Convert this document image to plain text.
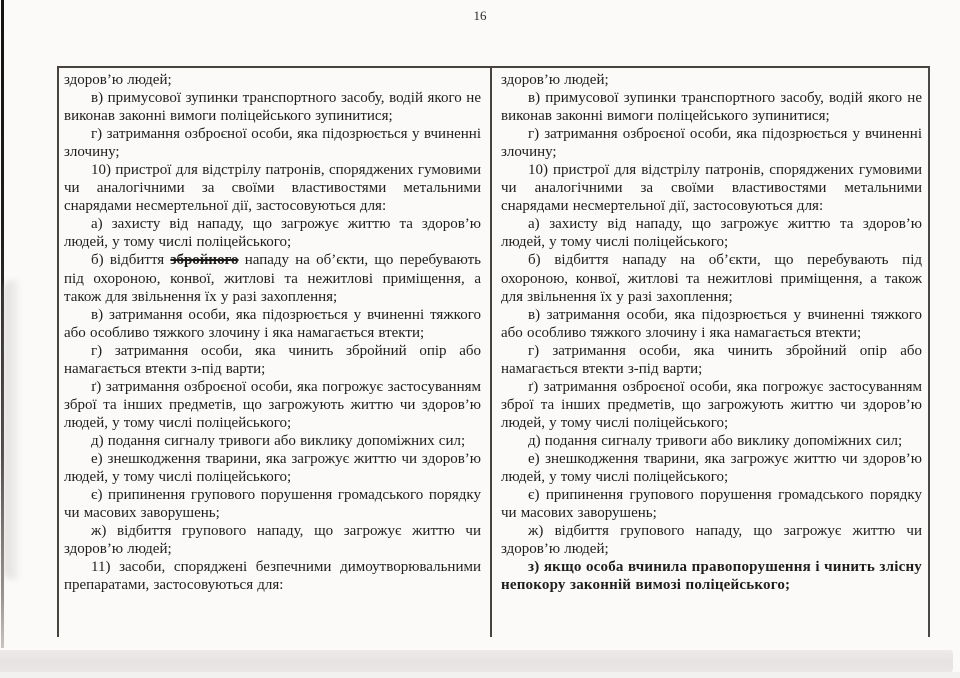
16

здоров’ю людей;

в) примусової зупинки транспортного засобу, водій якого не виконав законні вимоги поліцейського зупинитися;

г) затримання озброєної особи, яка підозрюється у вчиненні злочину;

10) пристрої для відстрілу патронів, споряджених гумовими чи аналогічними за своїми властивостями метальними снарядами несмертельної дії, застосовуються для:

а) захисту від нападу, що загрожує життю та здоров’ю людей, у тому числі поліцейського;

б) відбиття збройного нападу на об’єкти, що перебувають під охороною, конвої, житлові та нежитлові приміщення, а також для звільнення їх у разі захоплення;

в) затримання особи, яка підозрюється у вчиненні тяжкого або особливо тяжкого злочину і яка намагається втекти;

г) затримання особи, яка чинить збройний опір або намагається втекти з-під варти;

ґ) затримання озброєної особи, яка погрожує застосуванням зброї та інших предметів, що загрожують життю чи здоров’ю людей, у тому числі поліцейського;

д) подання сигналу тривоги або виклику допоміжних сил;

е) знешкодження тварини, яка загрожує життю чи здоров’ю людей, у тому числі поліцейського;

є) припинення групового порушення громадського порядку чи масових заворушень;

ж) відбиття групового нападу, що загрожує життю чи здоров’ю людей;

11) засоби, споряджені безпечними димоутворювальними препаратами, застосовуються для:

здоров’ю людей;

в) примусової зупинки транспортного засобу, водій якого не виконав законні вимоги поліцейського зупинитися;

г) затримання озброєної особи, яка підозрюється у вчиненні злочину;

10) пристрої для відстрілу патронів, споряджених гумовими чи аналогічними за своїми властивостями метальними снарядами несмертельної дії, застосовуються для:

а) захисту від нападу, що загрожує життю та здоров’ю людей, у тому числі поліцейського;

б) відбиття нападу на об’єкти, що перебувають під охороною, конвої, житлові та нежитлові приміщення, а також для звільнення їх у разі захоплення;

в) затримання особи, яка підозрюється у вчиненні тяжкого або особливо тяжкого злочину і яка намагається втекти;

г) затримання особи, яка чинить збройний опір або намагається втекти з-під варти;

ґ) затримання озброєної особи, яка погрожує застосуванням зброї та інших предметів, що загрожують життю чи здоров’ю людей, у тому числі поліцейського;

д) подання сигналу тривоги або виклику допоміжних сил;

е) знешкодження тварини, яка загрожує життю чи здоров’ю людей, у тому числі поліцейського;

є) припинення групового порушення громадського порядку чи масових заворушень;

ж) відбиття групового нападу, що загрожує життю чи здоров’ю людей;

з) якщо особа вчинила правопорушення і чинить злісну непокору законній вимозі поліцейського;
